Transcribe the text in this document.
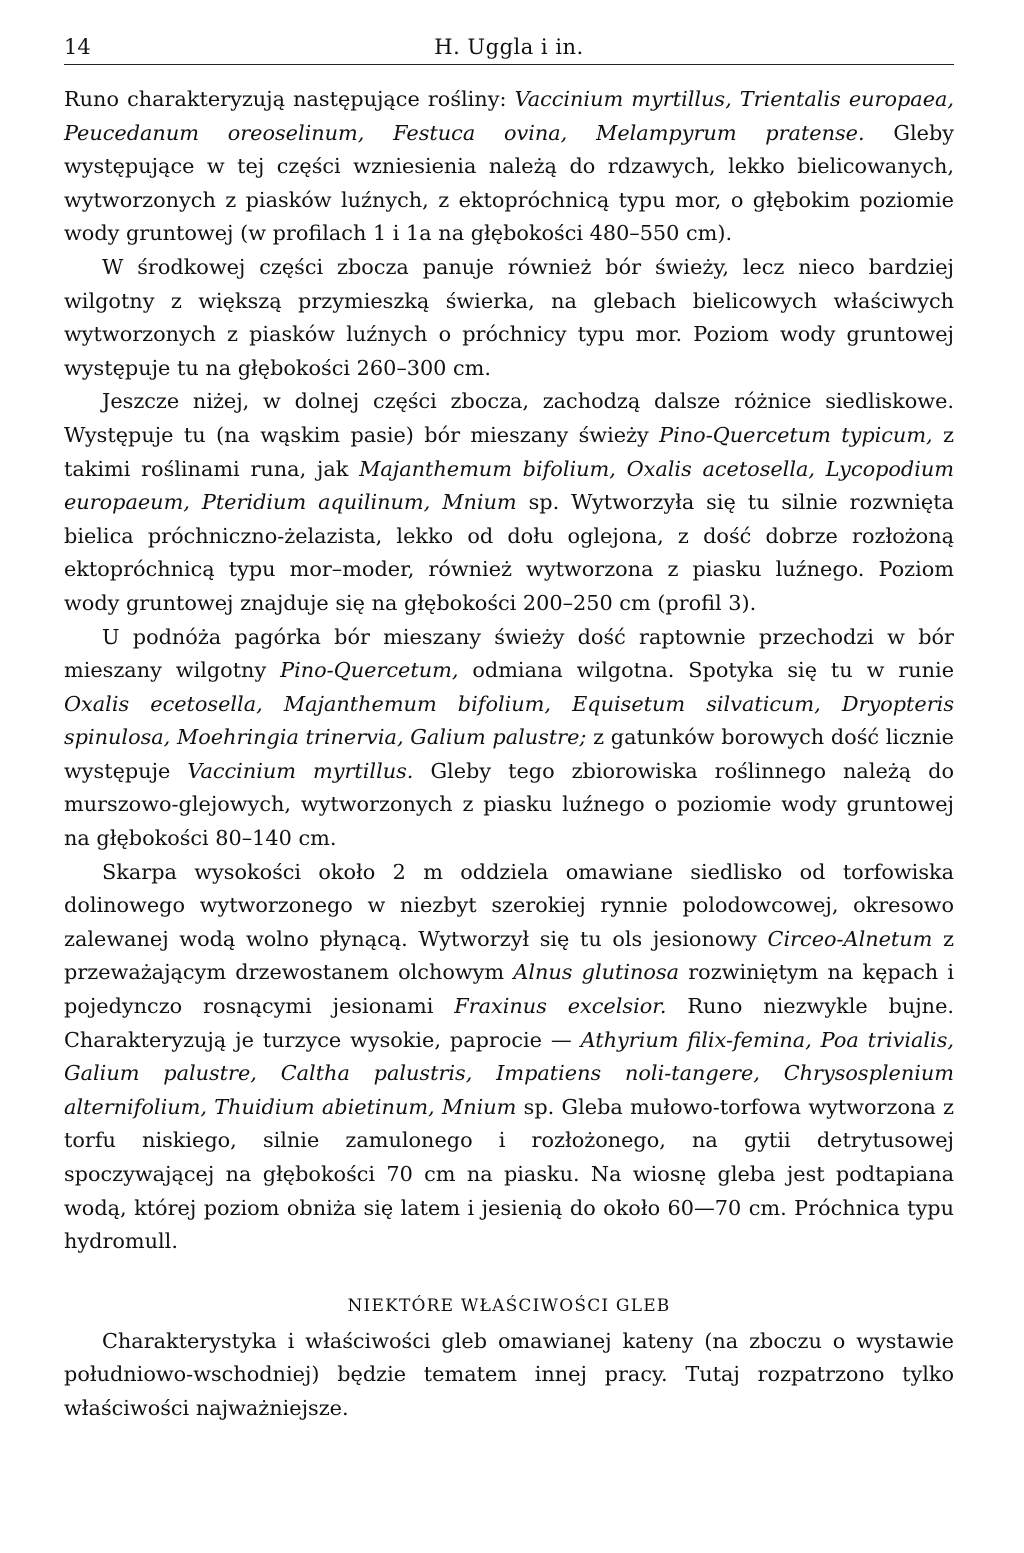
14	H. Uggla i in.

Runo charakteryzują następujące rośliny: Vaccinium myrtillus, Trientalis europaea, Peucedanum oreoselinum, Festuca ovina, Melampyrum pratense. Gleby występujące w tej części wzniesienia należą do rdzawych, lekko bielicowanych, wytworzonych z piasków luźnych, z ektopróchnicą typu mor, o głębokim poziomie wody gruntowej (w profilach 1 i 1a na głębokości 480–550 cm).

W środkowej części zbocza panuje również bór świeży, lecz nieco bardziej wilgotny z większą przymieszką świerka, na glebach bielicowych właściwych wytworzonych z piasków luźnych o próchnicy typu mor. Poziom wody gruntowej występuje tu na głębokości 260–300 cm.

Jeszcze niżej, w dolnej części zbocza, zachodzą dalsze różnice siedliskowe. Występuje tu (na wąskim pasie) bór mieszany świeży Pino-Quercetum typicum, z takimi roślinami runa, jak Majanthemum bifolium, Oxalis acetosella, Lycopodium europaeum, Pteridium aquilinum, Mnium sp. Wytworzyła się tu silnie rozwnięta bielica próchniczno-żelazista, lekko od dołu oglejona, z dość dobrze rozłożoną ektopróchnicą typu mor–moder, również wytworzona z piasku luźnego. Poziom wody gruntowej znajduje się na głębokości 200–250 cm (profil 3).

U podnóża pagórka bór mieszany świeży dość raptownie przechodzi w bór mieszany wilgotny Pino-Quercetum, odmiana wilgotna. Spotyka się tu w runie Oxalis ecetosella, Majanthemum bifolium, Equisetum silvaticum, Dryopteris spinulosa, Moehringia trinervia, Galium palustre; z gatunków borowych dość licznie występuje Vaccinium myrtillus. Gleby tego zbiorowiska roślinnego należą do murszowo-glejowych, wytworzonych z piasku luźnego o poziomie wody gruntowej na głębokości 80–140 cm.

Skarpa wysokości około 2 m oddziela omawiane siedlisko od torfowiska dolinowego wytworzonego w niezbyt szerokiej rynnie polodowcowej, okresowo zalewanej wodą wolno płynącą. Wytworzył się tu ols jesionowy Circeo-Alnetum z przeważającym drzewostanem olchowym Alnus glutinosa rozwiniętym na kępach i pojedynczo rosnącymi jesionami Fraxinus excelsior. Runo niezwykle bujne. Charakteryzują je turzyce wysokie, paprocie — Athyrium filix-femina, Poa trivialis, Galium palustre, Caltha palustris, Impatiens noli-tangere, Chrysosplenium alternifolium, Thuidium abietinum, Mnium sp. Gleba mułowo-torfowa wytworzona z torfu niskiego, silnie zamulonego i rozłożonego, na gytii detrytusowej spoczywającej na głębokości 70 cm na piasku. Na wiosnę gleba jest podtapiana wodą, której poziom obniża się latem i jesienią do około 60—70 cm. Próchnica typu hydromull.

NIEKTÓRE WŁAŚCIWOŚCI GLEB

Charakterystyka i właściwości gleb omawianej kateny (na zboczu o wystawie południowo-wschodniej) będzie tematem innej pracy. Tutaj rozpatrzono tylko właściwości najważniejsze.
